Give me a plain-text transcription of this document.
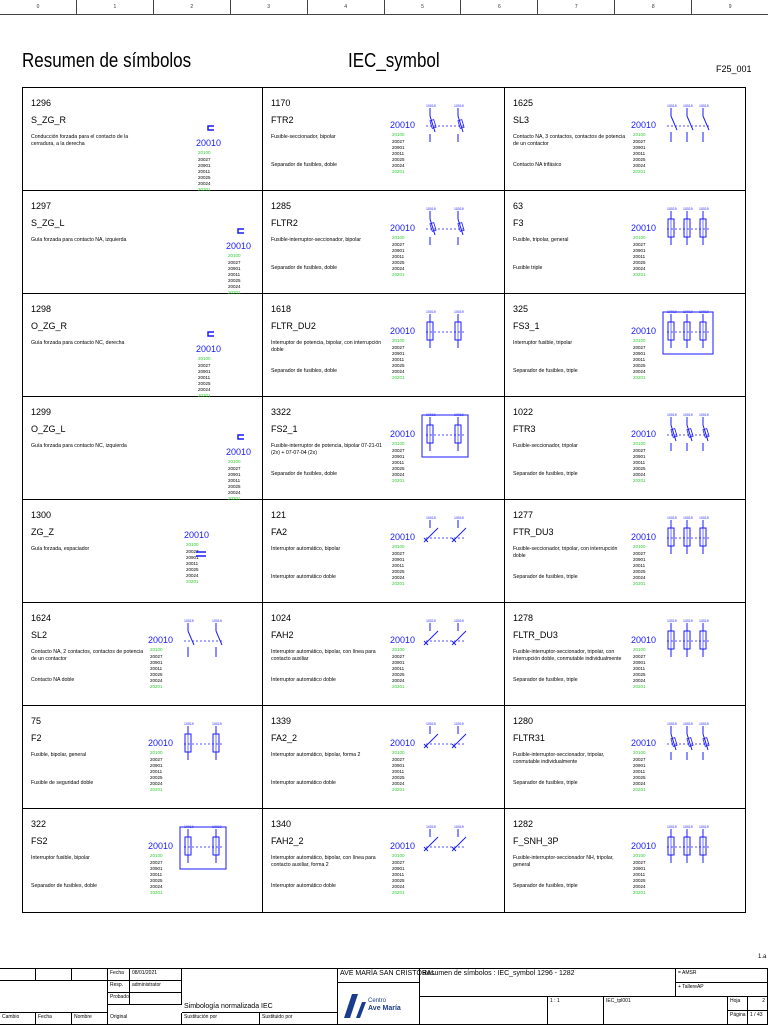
0	1	2	3	4	5	6	7	8	9
Resumen de símbolos	IEC_symbol	F25_001
1296
S_ZG_R
Conducción forzada para el contacto de la cerradura, a la derecha	20010
20100
20027
20901
20011
20025
20024
20201
1170
FTR2
Fusible-seccionador, bipolar
Separador de fusibles, doble
20010
20100
20027
20901
20011
20025
20024
20201
10019	10019	1625
SL3
Contacto NA, 3 contactos, contactos de potencia de un contactor
Contacto NA trifásico
20010
20100
20027
20901
20011
20025
20024
20201
10019 10019 10019
1297
S_ZG_L
Guía forzada para contacto NA, izquierda
20010
20100
20027
20901
20011
20025
20024
20201
1285
FLTR2
Fusible-interruptor-seccionador, bipolar
Separador de fusibles, doble
20010
20100
20027
20901
20011
20025
20024
20201
10019	10019	63
F3
Fusible, tripolar, general
Fusible triple
20010
20100
20027
20901
20011
20025
20024
20201
10019 10019 10019
1298
O_ZG_R
Guía forzada para contacto NC, derecha
20010
20100
20027
20901
20011
20025
20024
20201
1618
FLTR_DU2
Interruptor de potencia, bipolar, con interrupción doble
Separador de fusibles, doble
20010
20100
20027
20901
20011
20025
20024
20201
10019	10019	325
FS3_1
Interruptor fusible, tripolar
Separador de fusibles, triple
20010
20100
20027
20901
20011
20025
20024
20201
10019 10019 10019
1299
O_ZG_L
Guía forzada para contacto NC, izquierda
20010
20100
20027
20901
20011
20025
20024
20201
3322
FS2_1
Fusible-interruptor de potencia, bipolar 07-21-01 (2x) + 07-07-04 (2x)
Separador de fusibles, doble
20010
20100
20027
20901
20011
20025
20024
20201
10019	10019	1022
FTR3
Fusible-seccionador, tripolar
Separador de fusibles, triple
20010
20100
20027
20901
20011
20025
20024
20201
10019 10019 10019
1300
ZG_Z
Guía forzada, espaciador
20010
20100
20027
20901
20011
20025
20024
20201
121
FA2
Interruptor automático, bipolar
Interruptor automático doble
20010
20100
20027
20901
20011
20025
20024
20201
10019	10019	1277
FTR_DU3
Fusible-seccionador, tripolar, con interrupción doble
Separador de fusibles, triple
20010
20100
20027
20901
20011
20025
20024
20201
10019 10019 10019
1624
SL2
Contacto NA, 2 contactos, contactos de potencia de un contactor
Contacto NA doble
20010
20100
20027
20901
20011
20025
20024
20201
10019	10019	1024
FAH2
Interruptor automático, bipolar, con línea para contacto auxiliar
Interruptor automático doble
20010
20100
20027
20901
20011
20025
20024
20201
10019	10019	1278
FLTR_DU3
Fusible-interruptor-seccionador, tripolar, con interrupción doble, conmutable individualmente
Separador de fusibles, triple
20010
20100
20027
20901
20011
20025
20024
20201
10019 10019 10019
75
F2
Fusible, bipolar, general
Fusible de seguridad doble
20010
20100
20027
20901
20011
20025
20024
20201
10019	10019	1339
FA2_2
Interruptor automático, bipolar, forma 2
Interruptor automático doble
20010
20100
20027
20901
20011
20025
20024
20201
10019	10019	1280
FLTR31
Fusible-interruptor-seccionador, tripolar, conmutable individualmente
Separador de fusibles, triple
20010
20100
20027
20901
20011
20025
20024
20201
10019 10019 10019
322
FS2
Interruptor fusible, bipolar
Separador de fusibles, doble
20010
20100
20027
20901
20011
20025
20024
20201
10019	10019	1340
FAH2_2
Interruptor automático, bipolar, con línea para contacto auxiliar, forma 2
Interruptor automático doble
20010
20100
20027
20901
20011
20025
20024
20201
10019	10019	1282
F_SNH_3P
Fusible-interruptor-seccionador NH, tripolar, general
Separador de fusibles, triple
20010
20100
20027
20901
20011
20025
20024
20201
10019 10019 10019
1.a
Fecha	08/01/2021
Resp.	administrator
Probado
Simbología normalizada IEC
AVE MARÍA SAN CRISTÓBAL
Resumen de símbolos : IEC_symbol 1296 - 1282	= AMSR
+ TallereAP
1 : 1	IEC_tpl001	Hoja	2
Página 1 / 43
Cambio	Fecha	Nombre	Original	Sustitución por	Sustituido por
Centro
Ave María
